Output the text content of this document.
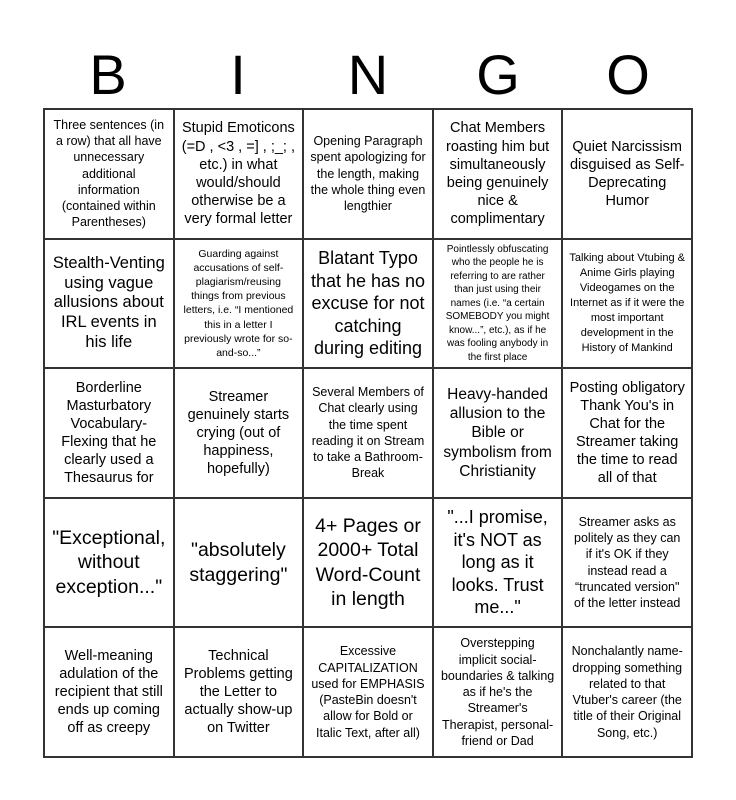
B	I	N	G	O
Three sentences (in a row) that all have unnecessary additional information (contained within Parentheses)
Stupid Emoticons (=D , <3 , =] , ;_; , etc.) in what would/should otherwise be a very formal letter
Opening Paragraph spent apologizing for the length, making the whole thing even lengthier
Chat Members roasting him but simultaneously being genuinely nice & complimentary
Quiet Narcissism disguised as Self-Deprecating Humor
Stealth-Venting using vague allusions about IRL events in his life
Guarding against accusations of self-plagiarism/reusing things from previous letters, i.e. “I mentioned this in a letter I previously wrote for so-and-so...”
Blatant Typo that he has no excuse for not catching during editing
Pointlessly obfuscating who the people he is referring to are rather than just using their names (i.e. “a certain SOMEBODY you might know...”, etc.), as if he was fooling anybody in the first place
Talking about Vtubing & Anime Girls playing Videogames on the Internet as if it were the most important development in the History of Mankind
Borderline Masturbatory Vocabulary-Flexing that he clearly used a Thesaurus for
Streamer genuinely starts crying (out of happiness, hopefully)
Several Members of Chat clearly using the time spent reading it on Stream to take a Bathroom-Break
Heavy-handed allusion to the Bible or symbolism from Christianity
Posting obligatory Thank You's in Chat for the Streamer taking the time to read all of that
"Exceptional, without exception..."
"absolutely staggering"
4+ Pages or 2000+ Total Word-Count in length
"...I promise, it's NOT as long as it looks. Trust me..."
Streamer asks as politely as they can if it's OK if they instead read a “truncated version" of the letter instead
Well-meaning adulation of the recipient that still ends up coming off as creepy
Technical Problems getting the Letter to actually show-up on Twitter
Excessive CAPITALIZATION used for EMPHASIS (PasteBin doesn't allow for Bold or Italic Text, after all)
Overstepping implicit social-boundaries & talking as if he's the Streamer's Therapist, personal-friend or Dad
Nonchalantly name-dropping something related to that Vtuber's career (the title of their Original Song, etc.)
